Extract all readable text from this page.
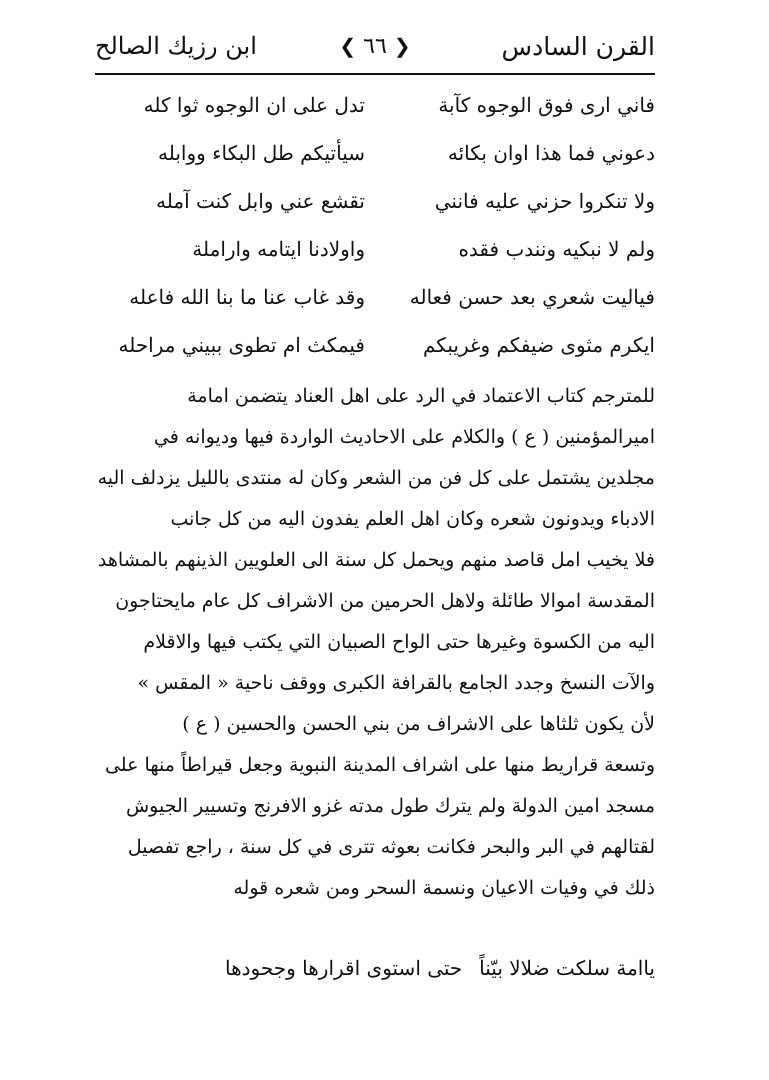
القرن السادس
❮ ٦٦ ❯
ابن رزيك الصالح
فاني ارى فوق الوجوه كآبة
تدل على ان الوجوه ثوا كله
دعوني فما هذا اوان بكائه
سيأتيكم طل البكاء ووابله
ولا تنكروا حزني عليه فانني
تقشع عني وابل كنت آمله
ولم لا نبكيه ونندب فقده
واولادنا ايتامه واراملة
فياليت شعري بعد حسن فعاله
وقد غاب عنا ما بنا الله فاعله
ايكرم مثوى ضيفكم وغريبكم
فيمكث ام تطوى ببيني مراحله
للمترجم كتاب الاعتماد في الرد على اهل العناد يتضمن امامة
اميرالمؤمنين ( ع ) والكلام على الاحاديث الواردة فيها وديوانه في
مجلدين يشتمل على كل فن من الشعر وكان له منتدى بالليل يزدلف اليه
الادباء ويدونون شعره وكان اهل العلم يفدون اليه من كل جانب
فلا يخيب امل قاصد منهم ويحمل كل سنة الى العلويين الذينهم بالمشاهد
المقدسة اموالا طائلة ولاهل الحرمين من الاشراف كل عام مايحتاجون
اليه من الكسوة وغيرها حتى الواح الصبيان التي يكتب فيها والاقلام
والآت النسخ وجدد الجامع بالقرافة الكبرى ووقف ناحية « المقس »
لأن يكون ثلثاها على الاشراف من بني الحسن والحسين ( ع )
وتسعة قراريط منها على اشراف المدينة النبوية وجعل قيراطاً منها على
مسجد امين الدولة ولم يترك طول مدته غزو الافرنج وتسيير الجيوش
لقتالهم في البر والبحر فكانت بعوثه تترى في كل سنة ، راجع تفصيل
ذلك في وفيات الاعيان ونسمة السحر ومن شعره قوله
ياامة سلكت ضلالا بيّناً
حتى استوى اقرارها وجحودها
